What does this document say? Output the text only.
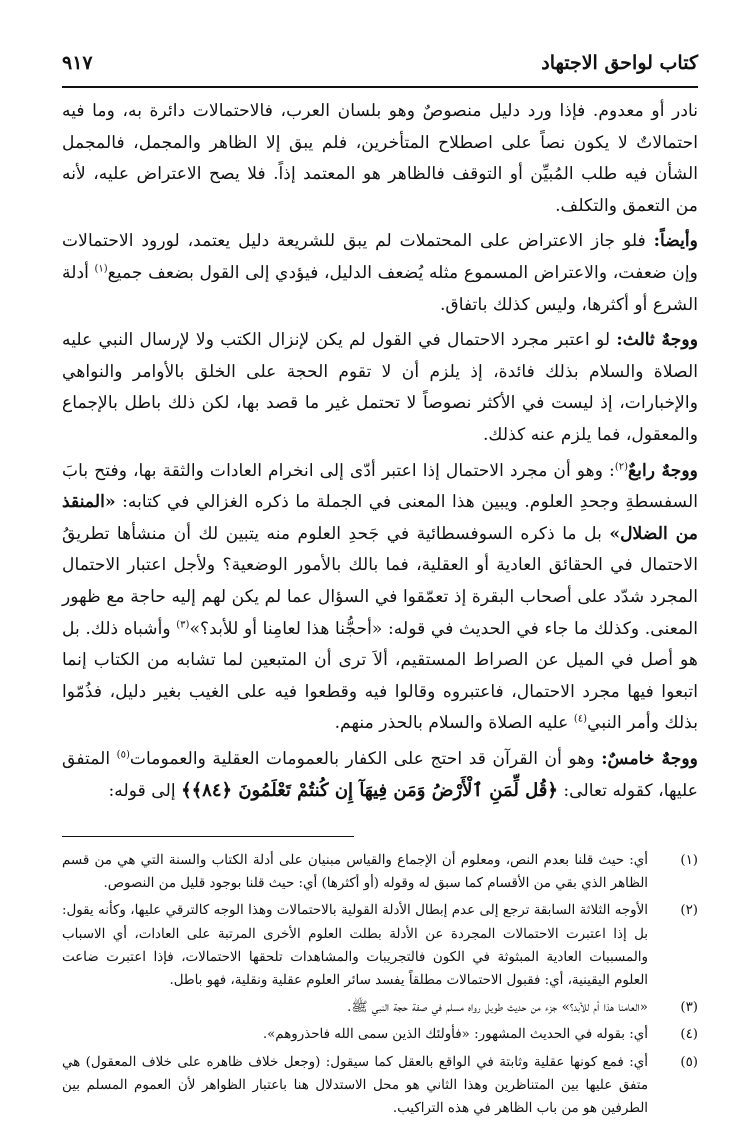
كتاب لواحق الاجتهاد
٩١٧

نادر أو معدوم. فإذا ورد دليل منصوصٌ وهو بلسان العرب، فالاحتمالات دائرة به، وما فيه احتمالاتٌ لا يكون نصاً على اصطلاح المتأخرين، فلم يبق إلا الظاهر والمجمل، فالمجمل الشأن فيه طلب المُبيِّن أو التوقف فالظاهر هو المعتمد إذاً. فلا يصح الاعتراض عليه، لأنه من التعمق والتكلف.

وأيضاً: فلو جاز الاعتراض على المحتملات لم يبق للشريعة دليل يعتمد، لورود الاحتمالات وإن ضعفت، والاعتراض المسموع مثله يُضعف الدليل، فيؤدي إلى القول بضعف جميع$^{(١)}$ أدلة الشرع أو أكثرها، وليس كذلك باتفاق.

ووجهٌ ثالث: لو اعتبر مجرد الاحتمال في القول لم يكن لإنزال الكتب ولا لإرسال النبي عليه الصلاة والسلام بذلك فائدة، إذ يلزم أن لا تقوم الحجة على الخلق بالأوامر والنواهي والإخبارات، إذ ليست في الأكثر نصوصاً لا تحتمل غير ما قصد بها، لكن ذلك باطل بالإجماع والمعقول، فما يلزم عنه كذلك.

ووجهٌ رابعٌ$^{(٢)}$: وهو أن مجرد الاحتمال إذا اعتبر أدّى إلى انخرام العادات والثقة بها، وفتح بابَ السفسطةِ وجحدِ العلوم. ويبين هذا المعنى في الجملة ما ذكره الغزالي في كتابه: «المنقذ من الضلال» بل ما ذكره السوفسطائية في جَحدِ العلوم منه يتبين لك أن منشأها تطريقُ الاحتمال في الحقائق العادية أو العقلية، فما بالك بالأمور الوضعية؟ ولأجل اعتبار الاحتمال المجرد شدّد على أصحاب البقرة إذ تعمّقوا في السؤال عما لم يكن لهم إليه حاجة مع ظهور المعنى. وكذلك ما جاء في الحديث في قوله: «أحجُّنا هذا لعامِنا أو للأبد؟»$^{(٣)}$ وأشباه ذلك. بل هو أصل في الميل عن الصراط المستقيم، ألاَ ترى أن المتبعين لما تشابه من الكتاب إنما اتبعوا فيها مجرد الاحتمال، فاعتبروه وقالوا فيه وقطعوا فيه على الغيب بغير دليل، فذُمّوا بذلك وأمر النبي$^{(٤)}$ عليه الصلاة والسلام بالحذر منهم.

ووجهٌ خامسٌ: وهو أن القرآن قد احتج على الكفار بالعمومات العقلية والعمومات$^{(٥)}$ المتفق عليها، كقوله تعالى: ﴿قُل لِّمَنِ ٱلْأَرْضُ وَمَن فِيهَآ إِن كُنتُمْ تَعْلَمُونَ ﴿٨٤﴾﴾ إلى قوله:

(١)
أي: حيث قلنا بعدم النص، ومعلوم أن الإجماع والقياس مبنيان على أدلة الكتاب والسنة التي هي من قسم الظاهر الذي بقي من الأقسام كما سبق له وقوله (أو أكثرها) أي: حيث قلنا بوجود قليل من النصوص.
(٢)
الأوجه الثلاثة السابقة ترجع إلى عدم إبطال الأدلة القولية بالاحتمالات وهذا الوجه كالترقي عليها، وكأنه يقول: بل إذا اعتبرت الاحتمالات المجردة عن الأدلة بطلت العلوم الأخرى المرتبة على العادات، أي الاسباب والمسببات العادية المبثوثة في الكون فالتجريبات والمشاهدات تلحقها الاحتمالات، فإذا اعتبرت ضاعت العلوم اليقينية، أي: فقبول الاحتمالات مطلقاً يفسد سائر العلوم عقلية ونقلية، فهو باطل.
(٣)
«العامنا هذا أم للأبد؟» جزء من حديث طويل رواه مسلم في صفة حجة النبي ﷺ.
(٤)
أي: بقوله في الحديث المشهور: «فأولئك الذين سمى الله فاحذروهم».
(٥)
أي: فمع كونها عقلية وثابتة في الواقع بالعقل كما سيقول: (وجعل خلاف ظاهره على خلاف المعقول) هي متفق عليها بين المتناظرين وهذا الثاني هو محل الاستدلال هنا باعتبار الظواهر لأن العموم المسلم بين الطرفين هو من باب الظاهر في هذه التراكيب.
